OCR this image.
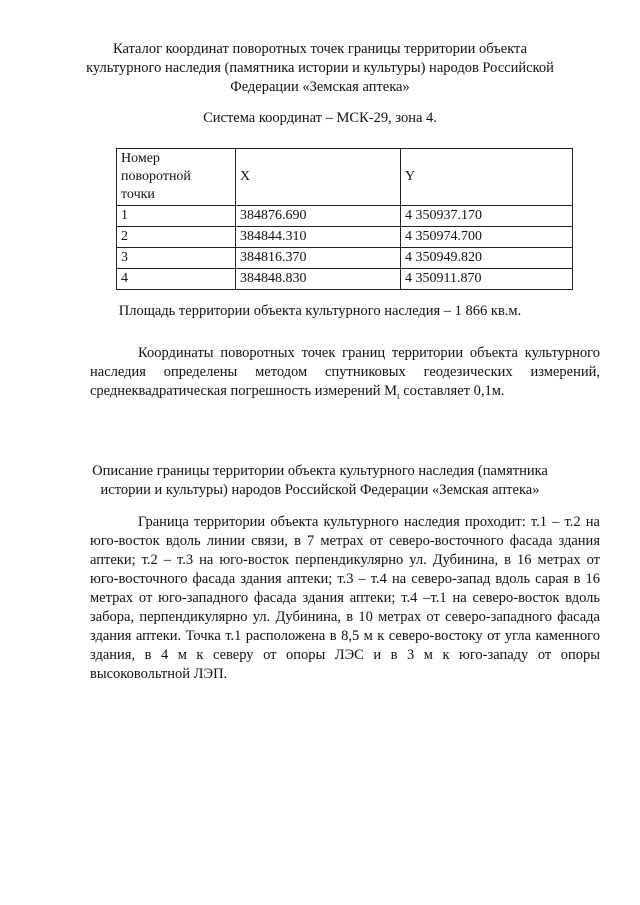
Каталог координат поворотных точек границы территории объекта
культурного наследия (памятника истории и культуры) народов Российской
Федерации «Земская аптека»
Система координат – МСК-29, зона 4.
Номер
поворотной
точки	X	Y
1	384876.690	4 350937.170
2	384844.310	4 350974.700
3	384816.370	4 350949.820
4	384848.830	4 350911.870
Площадь территории объекта культурного наследия – 1 866 кв.м.
Координаты поворотных точек границ территории объекта культурного наследия определены методом спутниковых геодезических измерений, среднеквадратическая погрешность измерений $M_t$ составляет 0,1м.
Описание границы территории объекта культурного наследия (памятника
истории и культуры) народов Российской Федерации «Земская аптека»
Граница территории объекта культурного наследия проходит: т.1 – т.2 на юго-восток вдоль линии связи, в 7 метрах от северо-восточного фасада здания аптеки; т.2 – т.3 на юго-восток перпендикулярно ул. Дубинина, в 16 метрах от юго-восточного фасада здания аптеки; т.3 – т.4 на северо-запад вдоль сарая в 16 метрах от юго-западного фасада здания аптеки; т.4 –т.1 на северо-восток вдоль забора, перпендикулярно ул. Дубинина, в 10 метрах от северо-западного фасада здания аптеки. Точка т.1 расположена в 8,5 м к северо-востоку от угла каменного здания, в 4 м к северу от опоры ЛЭС и в 3 м к юго-западу от опоры высоковольтной ЛЭП.
